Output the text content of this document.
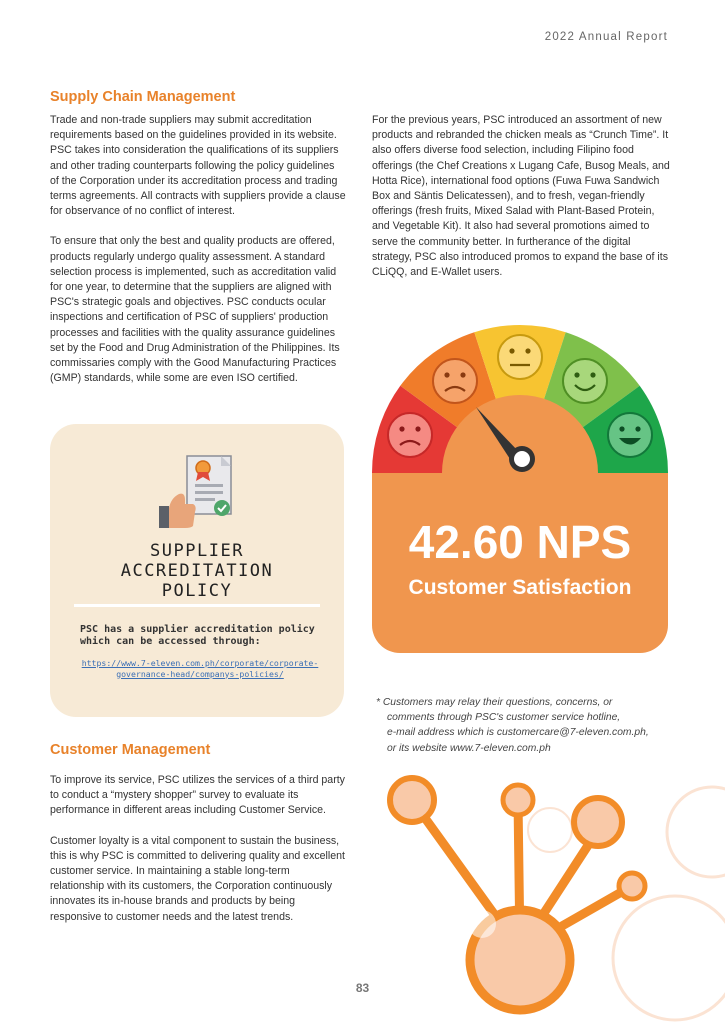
2022 Annual Report
Supply Chain Management

Trade and non-trade suppliers may submit accreditation requirements based on the guidelines provided in its website. PSC takes into consideration the qualifications of its suppliers and other trading counterparts following the policy guidelines of the Corporation under its accreditation process and trading terms agreements. All contracts with suppliers provide a clause for observance of no conflict of interest.

To ensure that only the best and quality products are offered, products regularly undergo quality assessment. A standard selection process is implemented, such as accreditation valid for one year, to determine that the suppliers are aligned with PSC's strategic goals and objectives. PSC conducts ocular inspections and certification of PSC of suppliers' production processes and facilities with the quality assurance guidelines set by the Food and Drug Administration of the Philippines. Its commissaries comply with the Good Manufacturing Practices (GMP) standards, while some are even ISO certified.

For the previous years, PSC introduced an assortment of new products and rebranded the chicken meals as “Crunch Time”. It also offers diverse food selection, including Filipino food offerings (the Chef Creations x Lugang Cafe, Busog Meals, and Hotta Rice), international food options (Fuwa Fuwa Sandwich Box and Säntis Delicatessen), and to fresh, vegan-friendly offerings (fresh fruits, Mixed Salad with Plant-Based Protein, and Vegetable Kit). It also had several promotions aimed to serve the community better. In furtherance of the digital strategy, PSC also introduced promos to expand the base of its CLiQQ, and E-Wallet users.

SUPPLIER
ACCREDITATION
POLICY
PSC has a supplier accreditation policy which can be accessed through:
https://www.7-eleven.com.ph/corporate/corporate-governance-head/companys-policies/
42.60 NPS
Customer Satisfaction
* Customers may relay their questions, concerns, or
comments through PSC's customer service hotline,
e-mail address which is customercare@7-eleven.com.ph,
or its website www.7-eleven.com.ph
Customer Management

To improve its service, PSC utilizes the services of a third party to conduct a “mystery shopper” survey to evaluate its performance in different areas including Customer Service.

Customer loyalty is a vital component to sustain the business, this is why PSC is committed to delivering quality and excellent customer service. In maintaining a stable long-term relationship with its customers, the Corporation continuously innovates its in-house brands and products by being responsive to customer needs and the latest trends.

83
